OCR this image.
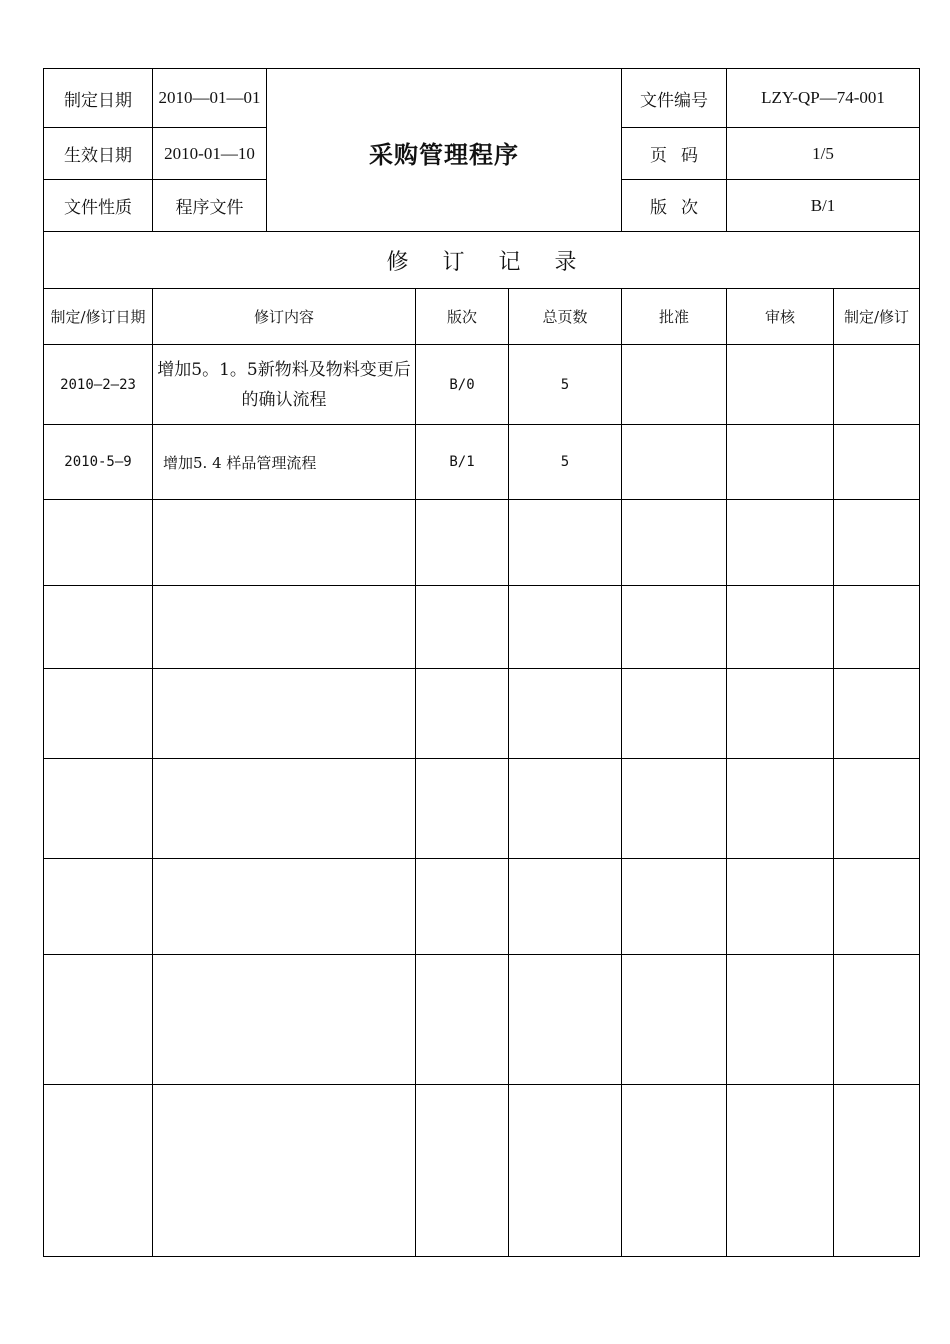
制定日期	2010—01—01	采购管理程序	文件编号	LZY-QP—74-001
生效日期	2010-01—10		页码	1/5
文件性质	程序文件		版次	B/1
修订记录						
制定/修订日期	修订内容	版次	总页数	批准	审核	制定/修订
2010—2—23	增加5。1。5新物料及物料变更后的确认流程	B/0	5			
2010-5—9	增加5. 4 样品管理流程	B/1	5			
